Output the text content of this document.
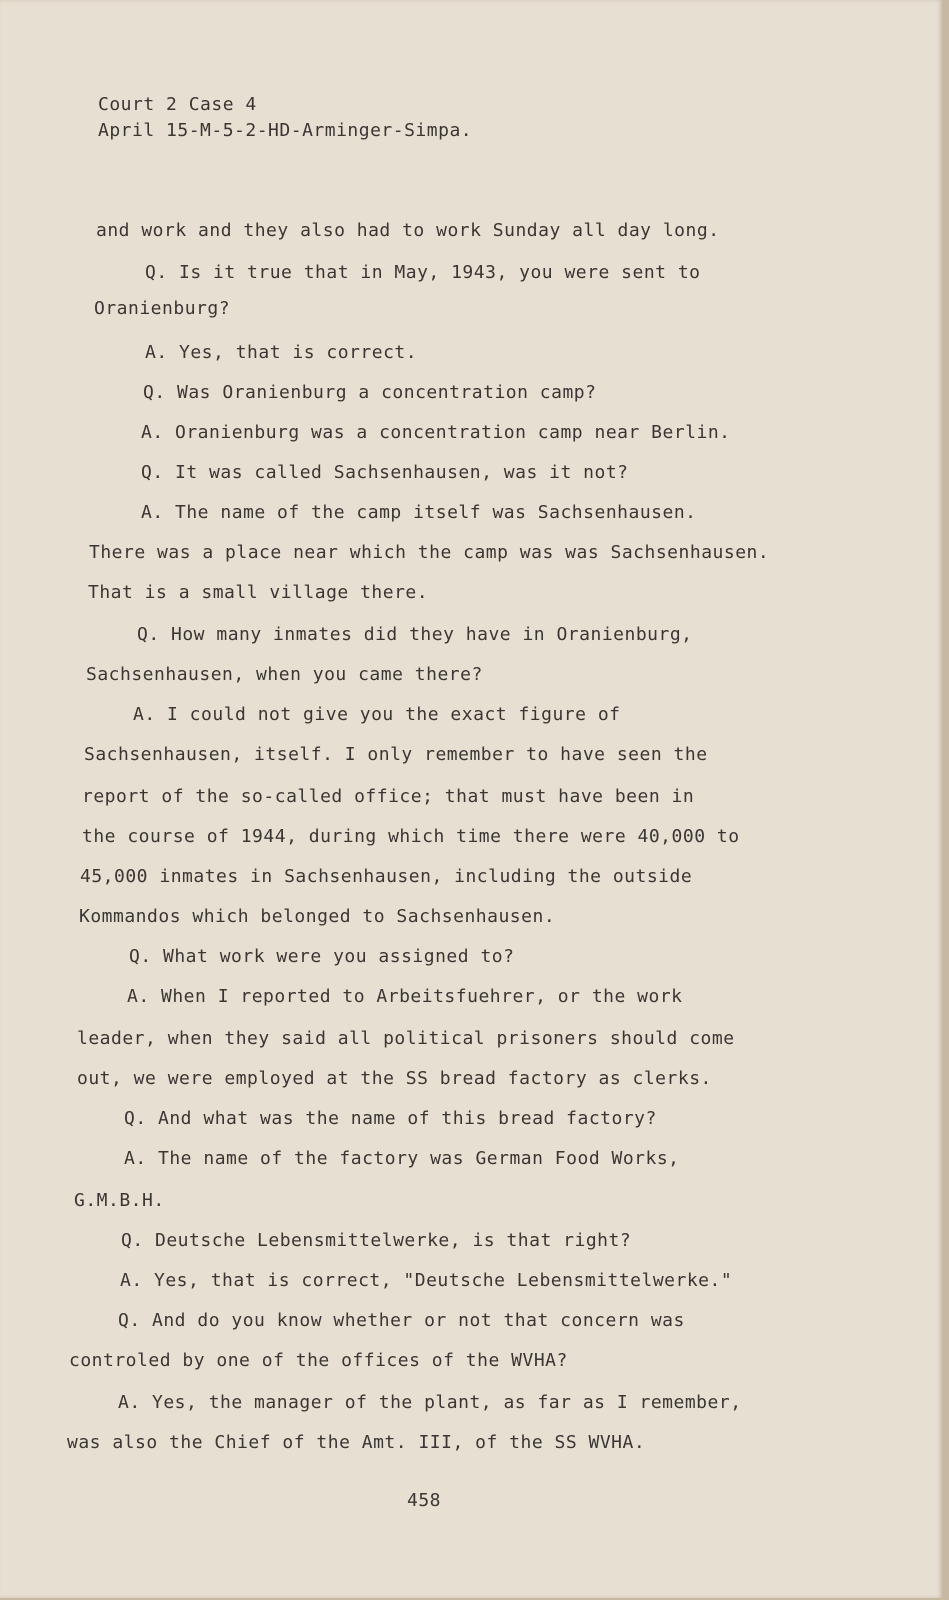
Court 2 Case 4
April 15-M-5-2-HD-Arminger-Simpa.
and work and they also had to work Sunday all day long.
Q. Is it true that in May, 1943, you were sent to
Oranienburg?
A. Yes, that is correct.
Q. Was Oranienburg a concentration camp?
A. Oranienburg was a concentration camp near Berlin.
Q. It was called Sachsenhausen, was it not?
A. The name of the camp itself was Sachsenhausen.
There was a place near which the camp was was Sachsenhausen.
That is a small village there.
Q. How many inmates did they have in Oranienburg,
Sachsenhausen, when you came there?
A. I could not give you the exact figure of
Sachsenhausen, itself. I only remember to have seen the
report of the so-called office; that must have been in
the course of 1944, during which time there were 40,000 to
45,000 inmates in Sachsenhausen, including the outside
Kommandos which belonged to Sachsenhausen.
Q. What work were you assigned to?
A. When I reported to Arbeitsfuehrer, or the work
leader, when they said all political prisoners should come
out, we were employed at the SS bread factory as clerks.
Q. And what was the name of this bread factory?
A. The name of the factory was German Food Works,
G.M.B.H.
Q. Deutsche Lebensmittelwerke, is that right?
A. Yes, that is correct, "Deutsche Lebensmittelwerke."
Q. And do you know whether or not that concern was
controled by one of the offices of the WVHA?
A. Yes, the manager of the plant, as far as I remember,
was also the Chief of the Amt. III, of the SS WVHA.
458
